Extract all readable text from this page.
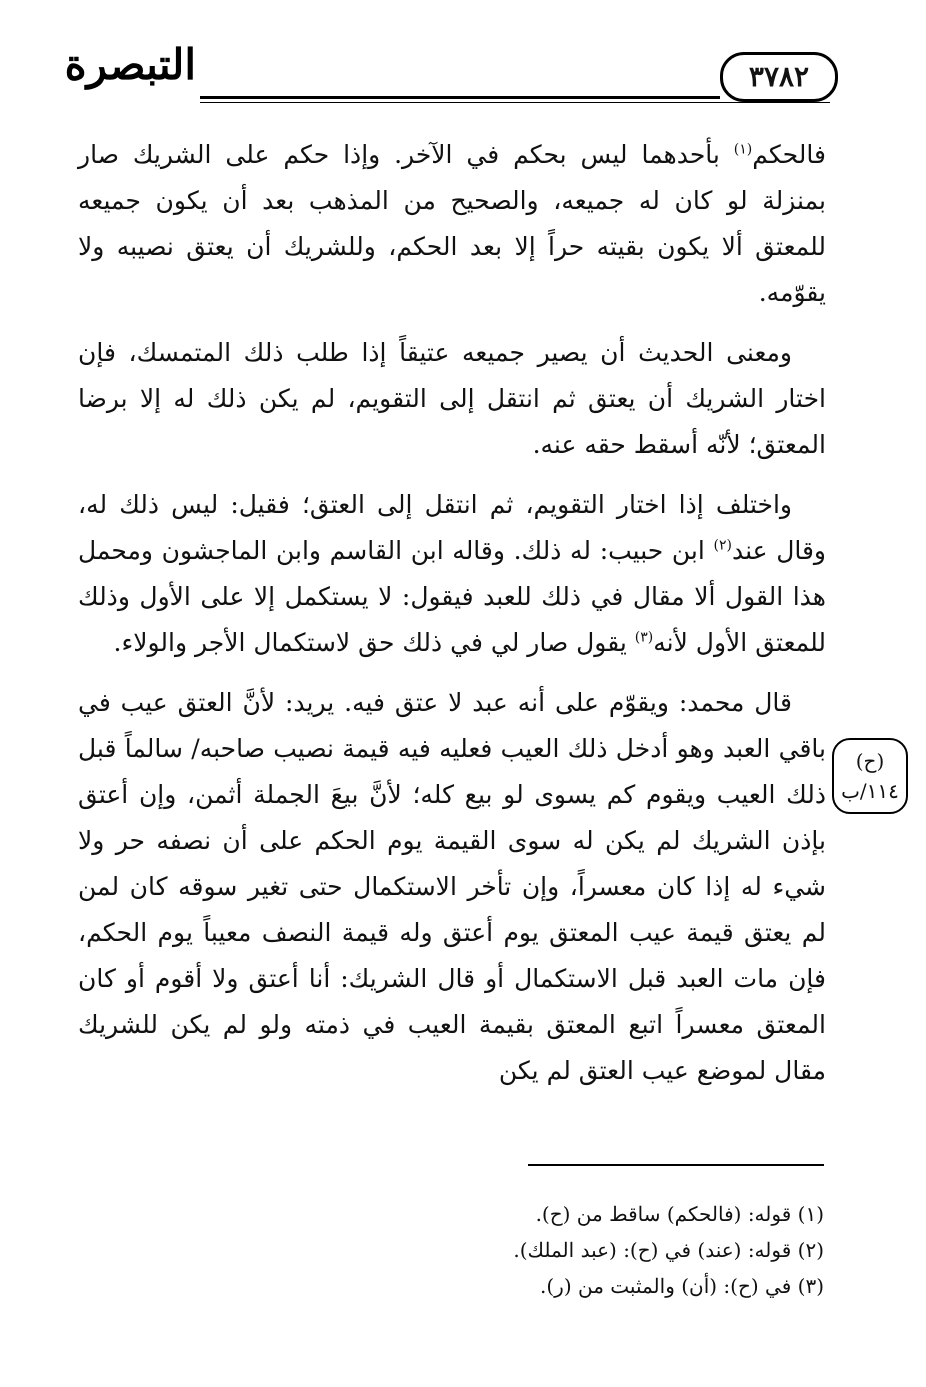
التبصرة	٣٧٨٢

فالحكم$^{(١)}$ بأحدهما ليس بحكم في الآخر. وإذا حكم على الشريك صار بمنزلة لو كان له جميعه، والصحيح من المذهب بعد أن يكون جميعه للمعتق ألا يكون بقيته حراً إلا بعد الحكم، وللشريك أن يعتق نصيبه ولا يقوّمه.

ومعنى الحديث أن يصير جميعه عتيقاً إذا طلب ذلك المتمسك، فإن اختار الشريك أن يعتق ثم انتقل إلى التقويم، لم يكن ذلك له إلا برضا المعتق؛ لأنّه أسقط حقه عنه.

واختلف إذا اختار التقويم، ثم انتقل إلى العتق؛ فقيل: ليس ذلك له، وقال عند$^{(٢)}$ ابن حبيب: له ذلك. وقاله ابن القاسم وابن الماجشون ومحمل هذا القول ألا مقال في ذلك للعبد فيقول: لا يستكمل إلا على الأول وذلك للمعتق الأول لأنه$^{(٣)}$ يقول صار لي في ذلك حق لاستكمال الأجر والولاء.

قال محمد: ويقوّم على أنه عبد لا عتق فيه. يريد: لأنَّ العتق عيب في باقي العبد وهو أدخل ذلك العيب فعليه فيه قيمة نصيب صاحبه/ سالماً قبل ذلك العيب ويقوم كم يسوى لو بيع كله؛ لأنَّ بيعَ الجملة أثمن، وإن أعتق بإذن الشريك لم يكن له سوى القيمة يوم الحكم على أن نصفه حر ولا شيء له إذا كان معسراً، وإن تأخر الاستكمال حتى تغير سوقه كان لمن لم يعتق قيمة عيب المعتق يوم أعتق وله قيمة النصف معيباً يوم الحكم، فإن مات العبد قبل الاستكمال أو قال الشريك: أنا أعتق ولا أقوم أو كان المعتق معسراً اتبع المعتق بقيمة العيب في ذمته ولو لم يكن للشريك مقال لموضع عيب العتق لم يكن

(ح)
١١٤/ب
(١) قوله: (فالحكم) ساقط من (ح).
(٢) قوله: (عند) في (ح): (عبد الملك).
(٣) في (ح): (أن) والمثبت من (ر).
